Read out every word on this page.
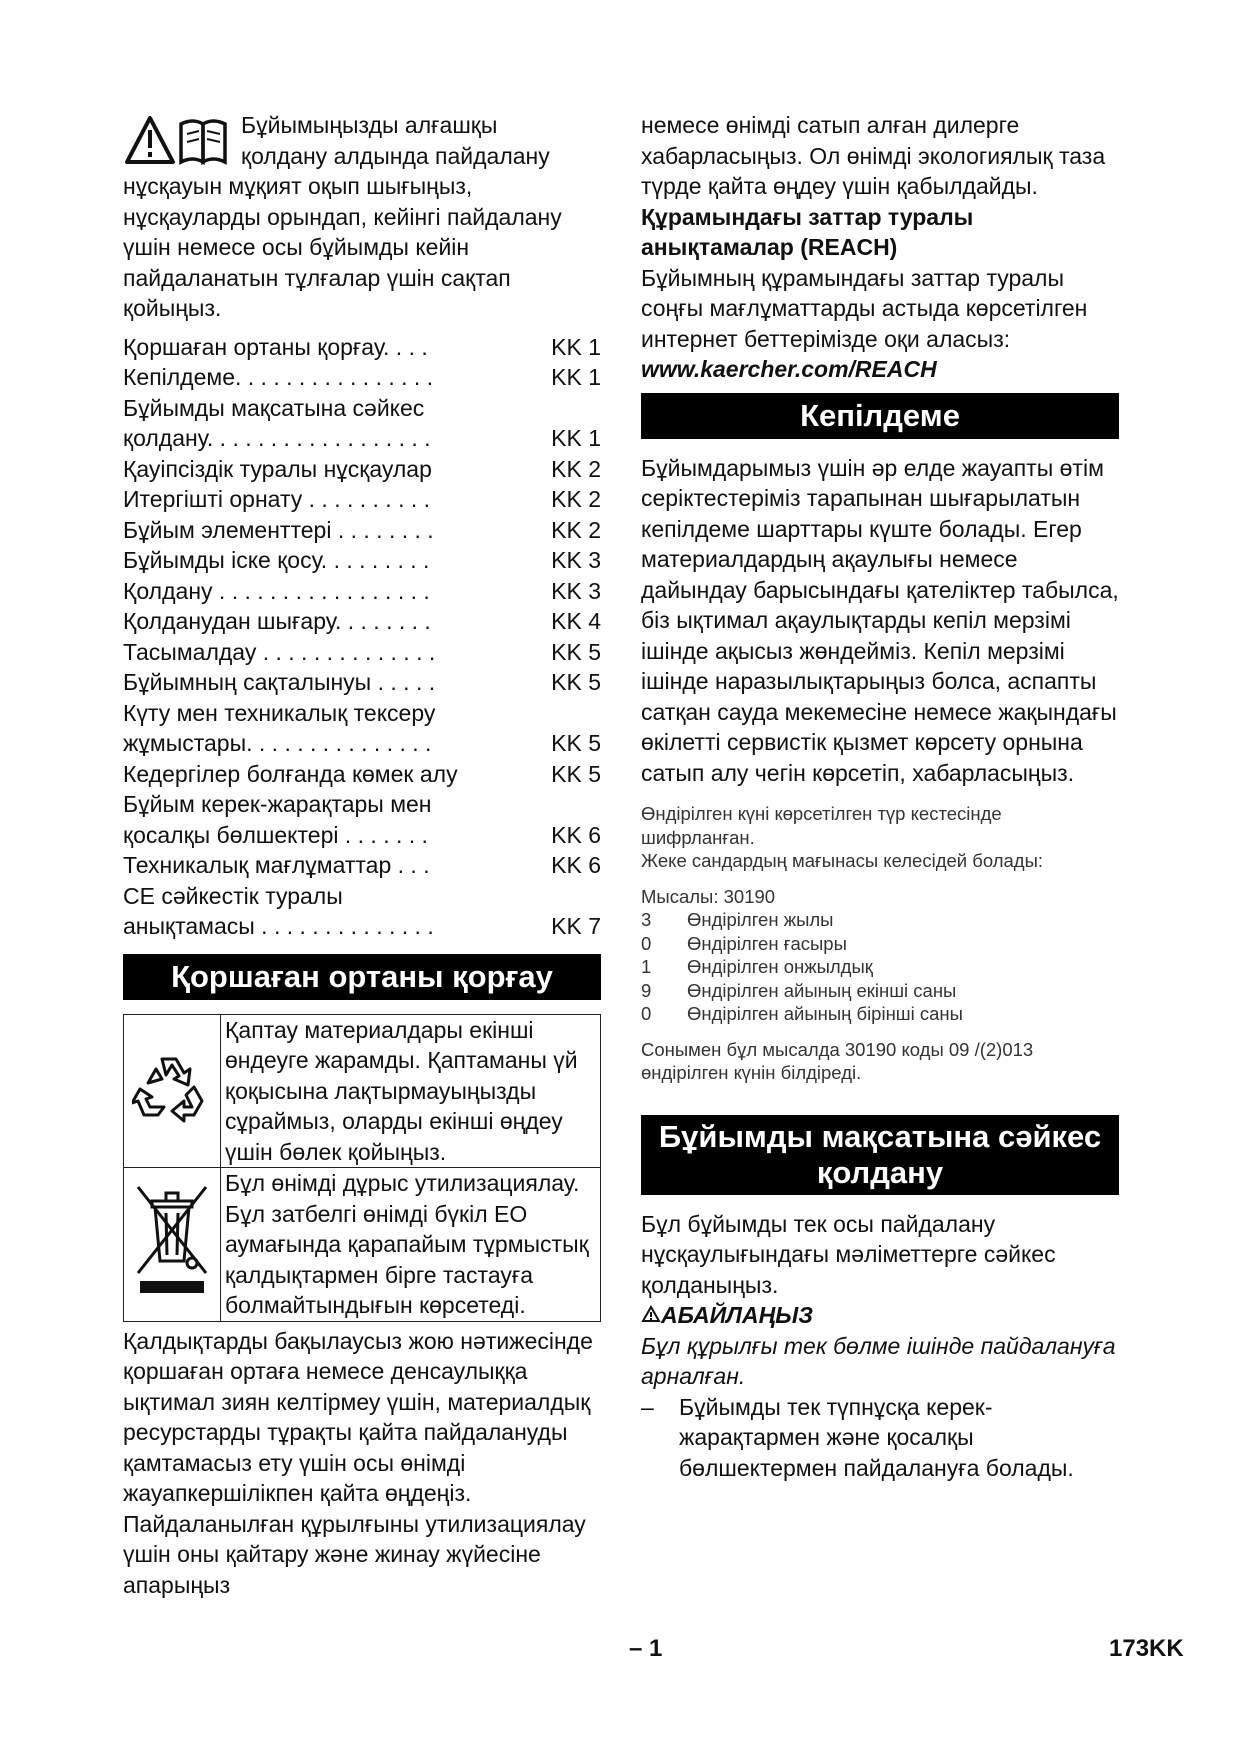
Бұйымыңызды алғашқы

қолдану алдында пайдалану

нұсқауын мұқият оқып шығыңыз, нұсқауларды орындап, кейінгі пайдалану үшін немесе осы бұйымды кейін пайдаланатын тұлғалар үшін сақтап қойыңыз.

Қоршаған ортаны қорғау. . . .	KK 1
Кепілдеме. . . . . . . . . . . . . . . .	KK 1
Бұйымды мақсатына сәйкес
қолдану. . . . . . . . . . . . . . . . . .	KK 1
Қауіпсіздік туралы нұсқаулар	KK 2
Итергішті орнату . . . . . . . . . .	KK 2
Бұйым элементтері . . . . . . . .	KK 2
Бұйымды іске қосу. . . . . . . . .	KK 3
Қолдану . . . . . . . . . . . . . . . . .	KK 3
Қолданудан шығару. . . . . . . .	KK 4
Тасымалдау . . . . . . . . . . . . . .	KK 5
Бұйымның сақталынуы . . . . .	KK 5
Күту мен техникалық тексеру
жұмыстары. . . . . . . . . . . . . . .	KK 5
Кедергілер болғанда көмек алу	KK 5
Бұйым керек-жарақтары мен
қосалқы бөлшектері . . . . . . .	KK 6
Техникалық мағлұматтар . . .	KK 6
CE сәйкестік туралы
анықтамасы . . . . . . . . . . . . . .	KK 7
Қоршаған ортаны қорғау
	Қаптау материалдары екінші өндеуге жарамды. Қаптаманы үй қоқысына лақтырмауыңызды сұраймыз, оларды екінші өңдеу үшін бөлек қойыңыз.
	Бұл өнімді дұрыс утилизациялау. Бұл затбелгі өнімді бүкіл ЕО аумағында қарапайым тұрмыстық қалдықтармен бірге тастауға болмайтындығын көрсетеді.

Қалдықтарды бақылаусыз жою нәтижесінде қоршаған ортаға немесе денсаулыққа ықтимал зиян келтірмеу үшін, материалдық ресурстарды тұрақты қайта пайдалануды қамтамасыз ету үшін осы өнімді жауапкершілікпен қайта өңдеңіз. Пайдаланылған құрылғыны утилизациялау үшін оны қайтару және жинау жүйесіне апарыңыз

немесе өнімді сатып алған дилерге хабарласыңыз. Ол өнімді экологиялық таза түрде қайта өңдеу үшін қабылдайды.

Құрамындағы заттар туралы анықтамалар (REACH)

Бұйымның құрамындағы заттар туралы соңғы мағлұматтарды астыда көрсетілген интернет беттерімізде оқи аласыз:

www.kaercher.com/REACH

Кепілдеме

Бұйымдарымыз үшін әр елде жауапты өтім серіктестеріміз тарапынан шығарылатын кепілдеме шарттары күште болады. Егер материалдардың ақаулығы немесе дайындау барысындағы қателіктер табылса, біз ықтимал ақаулықтарды кепіл мерзімі ішінде ақысыз жөндейміз. Кепіл мерзімі ішінде наразылықтарыңыз болса, аспапты сатқан сауда мекемесіне немесе жақындағы өкілетті сервистік қызмет көрсету орнына сатып алу чегін көрсетіп, хабарласыңыз.

Өндірілген күні көрсетілген түр кестесінде шифрланған.

Жеке сандардың мағынасы келесідей болады:

Мысалы: 30190

3	Өндірілген жылы
0	Өндірілген ғасыры
1	Өндірілген онжылдық
9	Өндірілген айының екінші саны
0	Өндірілген айының бірінші саны

Сонымен бұл мысалда 30190 коды 09 /(2)013 өндірілген күнін білдіреді.

Бұйымды мақсатына сәйкес
қолдану

Бұл бұйымды тек осы пайдалану нұсқаулығындағы мәліметтерге сәйкес қолданыңыз.

АБАЙЛАҢЫЗ

Бұл құрылғы тек бөлме ішінде пайдалануға арналған.

–	Бұйымды тек түпнұсқа керек-жарақтармен және қосалқы бөлшектермен пайдалануға болады.
– 1	173KK
